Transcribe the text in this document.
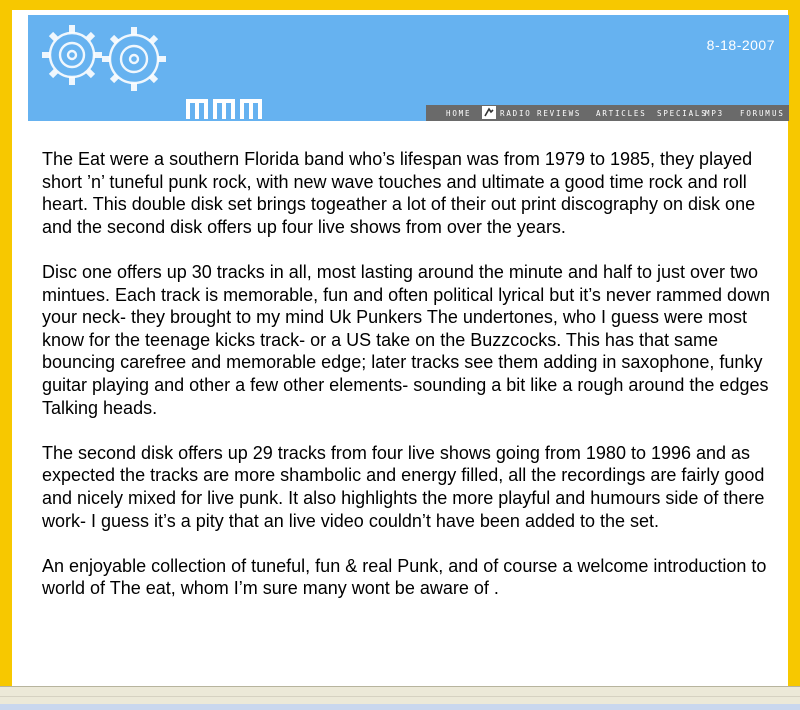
8-18-2007
HOME	RADIO REVIEWS ARTICLES SPECIALS
MP3 FORUM US

The Eat were a southern Florida band who’s lifespan was from 1979 to 1985, they played short ’n’ tuneful punk rock, with new wave touches and ultimate a good time rock and roll heart. This double disk set brings togeather a lot of their out print discography on disk one and the second disk offers up four live shows from over the years.

Disc one offers up 30 tracks in all, most lasting around the minute and half to just over two mintues. Each track is memorable, fun and often political lyrical but it’s never rammed down your neck- they brought to my mind Uk Punkers The undertones, who I guess were most know for the teenage kicks track- or a US take on the Buzzcocks. This has that same bouncing carefree and memorable edge; later tracks see them adding in saxophone, funky guitar playing and other a few other elements- sounding a bit like a rough around the edges Talking heads.

The second disk offers up 29 tracks from four live shows going from 1980 to 1996 and as expected the tracks are more shambolic and energy filled, all the recordings are fairly good and nicely mixed for live punk. It also highlights the more playful and humours side of there work- I guess it’s a pity that an live video couldn’t have been added to the set.

An enjoyable collection of tuneful, fun & real Punk, and of course a welcome introduction to world of The eat, whom I’m sure many wont be aware of .
